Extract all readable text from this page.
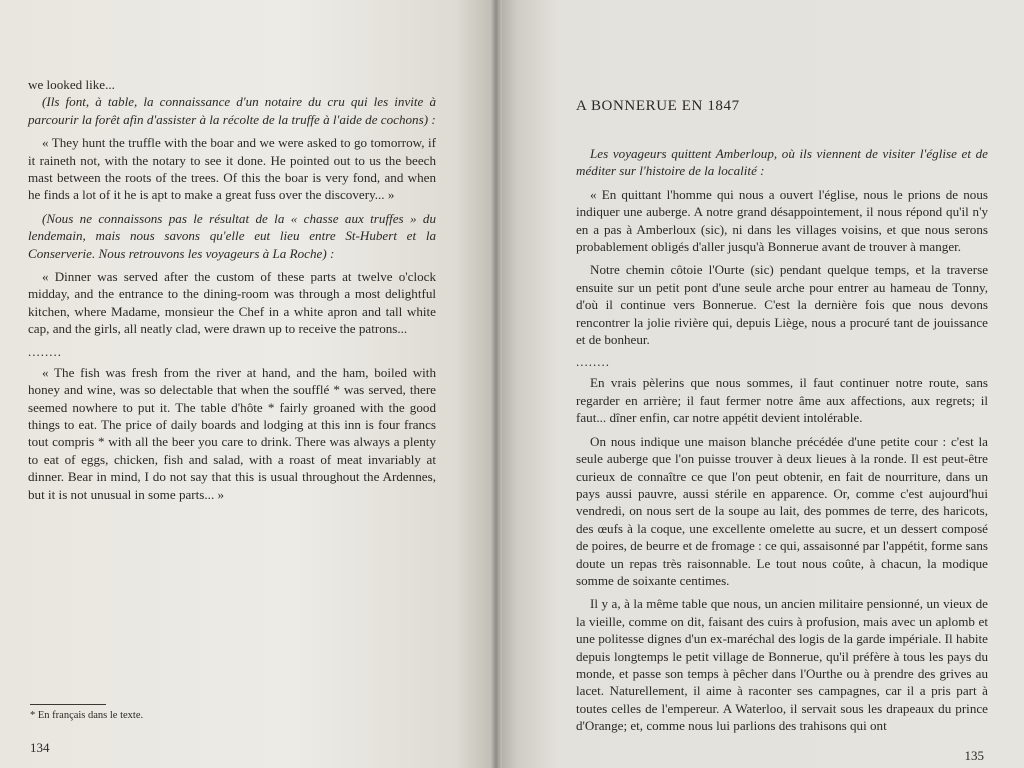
we looked like...

(Ils font, à table, la connaissance d'un notaire du cru qui les invite à parcourir la forêt afin d'assister à la récolte de la truffe à l'aide de cochons) :

« They hunt the truffle with the boar and we were asked to go tomorrow, if it raineth not, with the notary to see it done. He pointed out to us the beech mast between the roots of the trees. Of this the boar is very fond, and when he finds a lot of it he is apt to make a great fuss over the discovery... »

(Nous ne connaissons pas le résultat de la « chasse aux truffes » du lendemain, mais nous savons qu'elle eut lieu entre St-Hubert et la Conserverie. Nous retrouvons les voyageurs à La Roche) :

« Dinner was served after the custom of these parts at twelve o'clock midday, and the entrance to the dining-room was through a most delightful kitchen, where Madame, monsieur the Chef in a white apron and tall white cap, and the girls, all neatly clad, were drawn up to receive the patrons...

........

« The fish was fresh from the river at hand, and the ham, boiled with honey and wine, was so delectable that when the soufflé * was served, there seemed nowhere to put it. The table d'hôte * fairly groaned with the good things to eat. The price of daily boards and lodging at this inn is four francs tout compris * with all the beer you care to drink. There was always a plenty to eat of eggs, chicken, fish and salad, with a roast of meat invariably at dinner. Bear in mind, I do not say that this is usual throughout the Ardennes, but it is not unusual in some parts... »

* En français dans le texte.
134
A BONNERUE EN 1847

Les voyageurs quittent Amberloup, où ils viennent de visiter l'église et de méditer sur l'histoire de la localité :

« En quittant l'homme qui nous a ouvert l'église, nous le prions de nous indiquer une auberge. A notre grand désappointement, il nous répond qu'il n'y en a pas à Amberloux (sic), ni dans les villages voisins, et que nous serons probablement obligés d'aller jusqu'à Bonnerue avant de trouver à manger.

Notre chemin côtoie l'Ourte (sic) pendant quelque temps, et la traverse ensuite sur un petit pont d'une seule arche pour entrer au hameau de Tonny, d'où il continue vers Bonnerue. C'est la dernière fois que nous devons rencontrer la jolie rivière qui, depuis Liège, nous a procuré tant de jouissance et de bonheur.

........

En vrais pèlerins que nous sommes, il faut continuer notre route, sans regarder en arrière; il faut fermer notre âme aux affections, aux regrets; il faut... dîner enfin, car notre appétit devient intolérable.

On nous indique une maison blanche précédée d'une petite cour : c'est la seule auberge que l'on puisse trouver à deux lieues à la ronde. Il est peut-être curieux de connaître ce que l'on peut obtenir, en fait de nourriture, dans un pays aussi pauvre, aussi stérile en apparence. Or, comme c'est aujourd'hui vendredi, on nous sert de la soupe au lait, des pommes de terre, des haricots, des œufs à la coque, une excellente omelette au sucre, et un dessert composé de poires, de beurre et de fromage : ce qui, assaisonné par l'appétit, forme sans doute un repas très raisonnable. Le tout nous coûte, à chacun, la modique somme de soixante centimes.

Il y a, à la même table que nous, un ancien militaire pensionné, un vieux de la vieille, comme on dit, faisant des cuirs à profusion, mais avec un aplomb et une politesse dignes d'un ex-maréchal des logis de la garde impériale. Il habite depuis longtemps le petit village de Bonnerue, qu'il préfère à tous les pays du monde, et passe son temps à pêcher dans l'Ourthe ou à prendre des grives au lacet. Naturellement, il aime à raconter ses campagnes, car il a pris part à toutes celles de l'empereur. A Waterloo, il servait sous les drapeaux du prince d'Orange; et, comme nous lui parlions des trahisons qui ont

135
